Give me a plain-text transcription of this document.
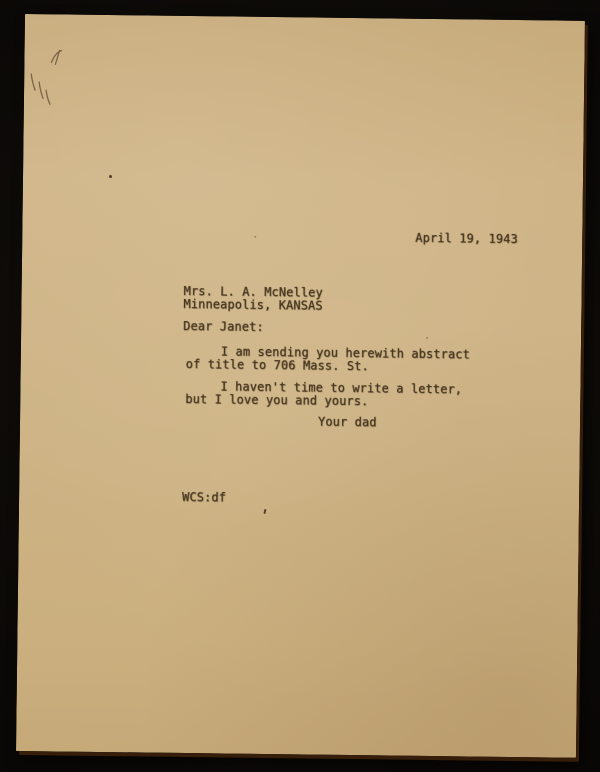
April 19, 1943
Mrs. L. A. McNelley
Minneapolis, KANSAS
Dear Janet:
I am sending you herewith abstract
of title to 706 Mass. St.
I haven't time to write a letter,
but I love you and yours.
Your dad
WCS:df
